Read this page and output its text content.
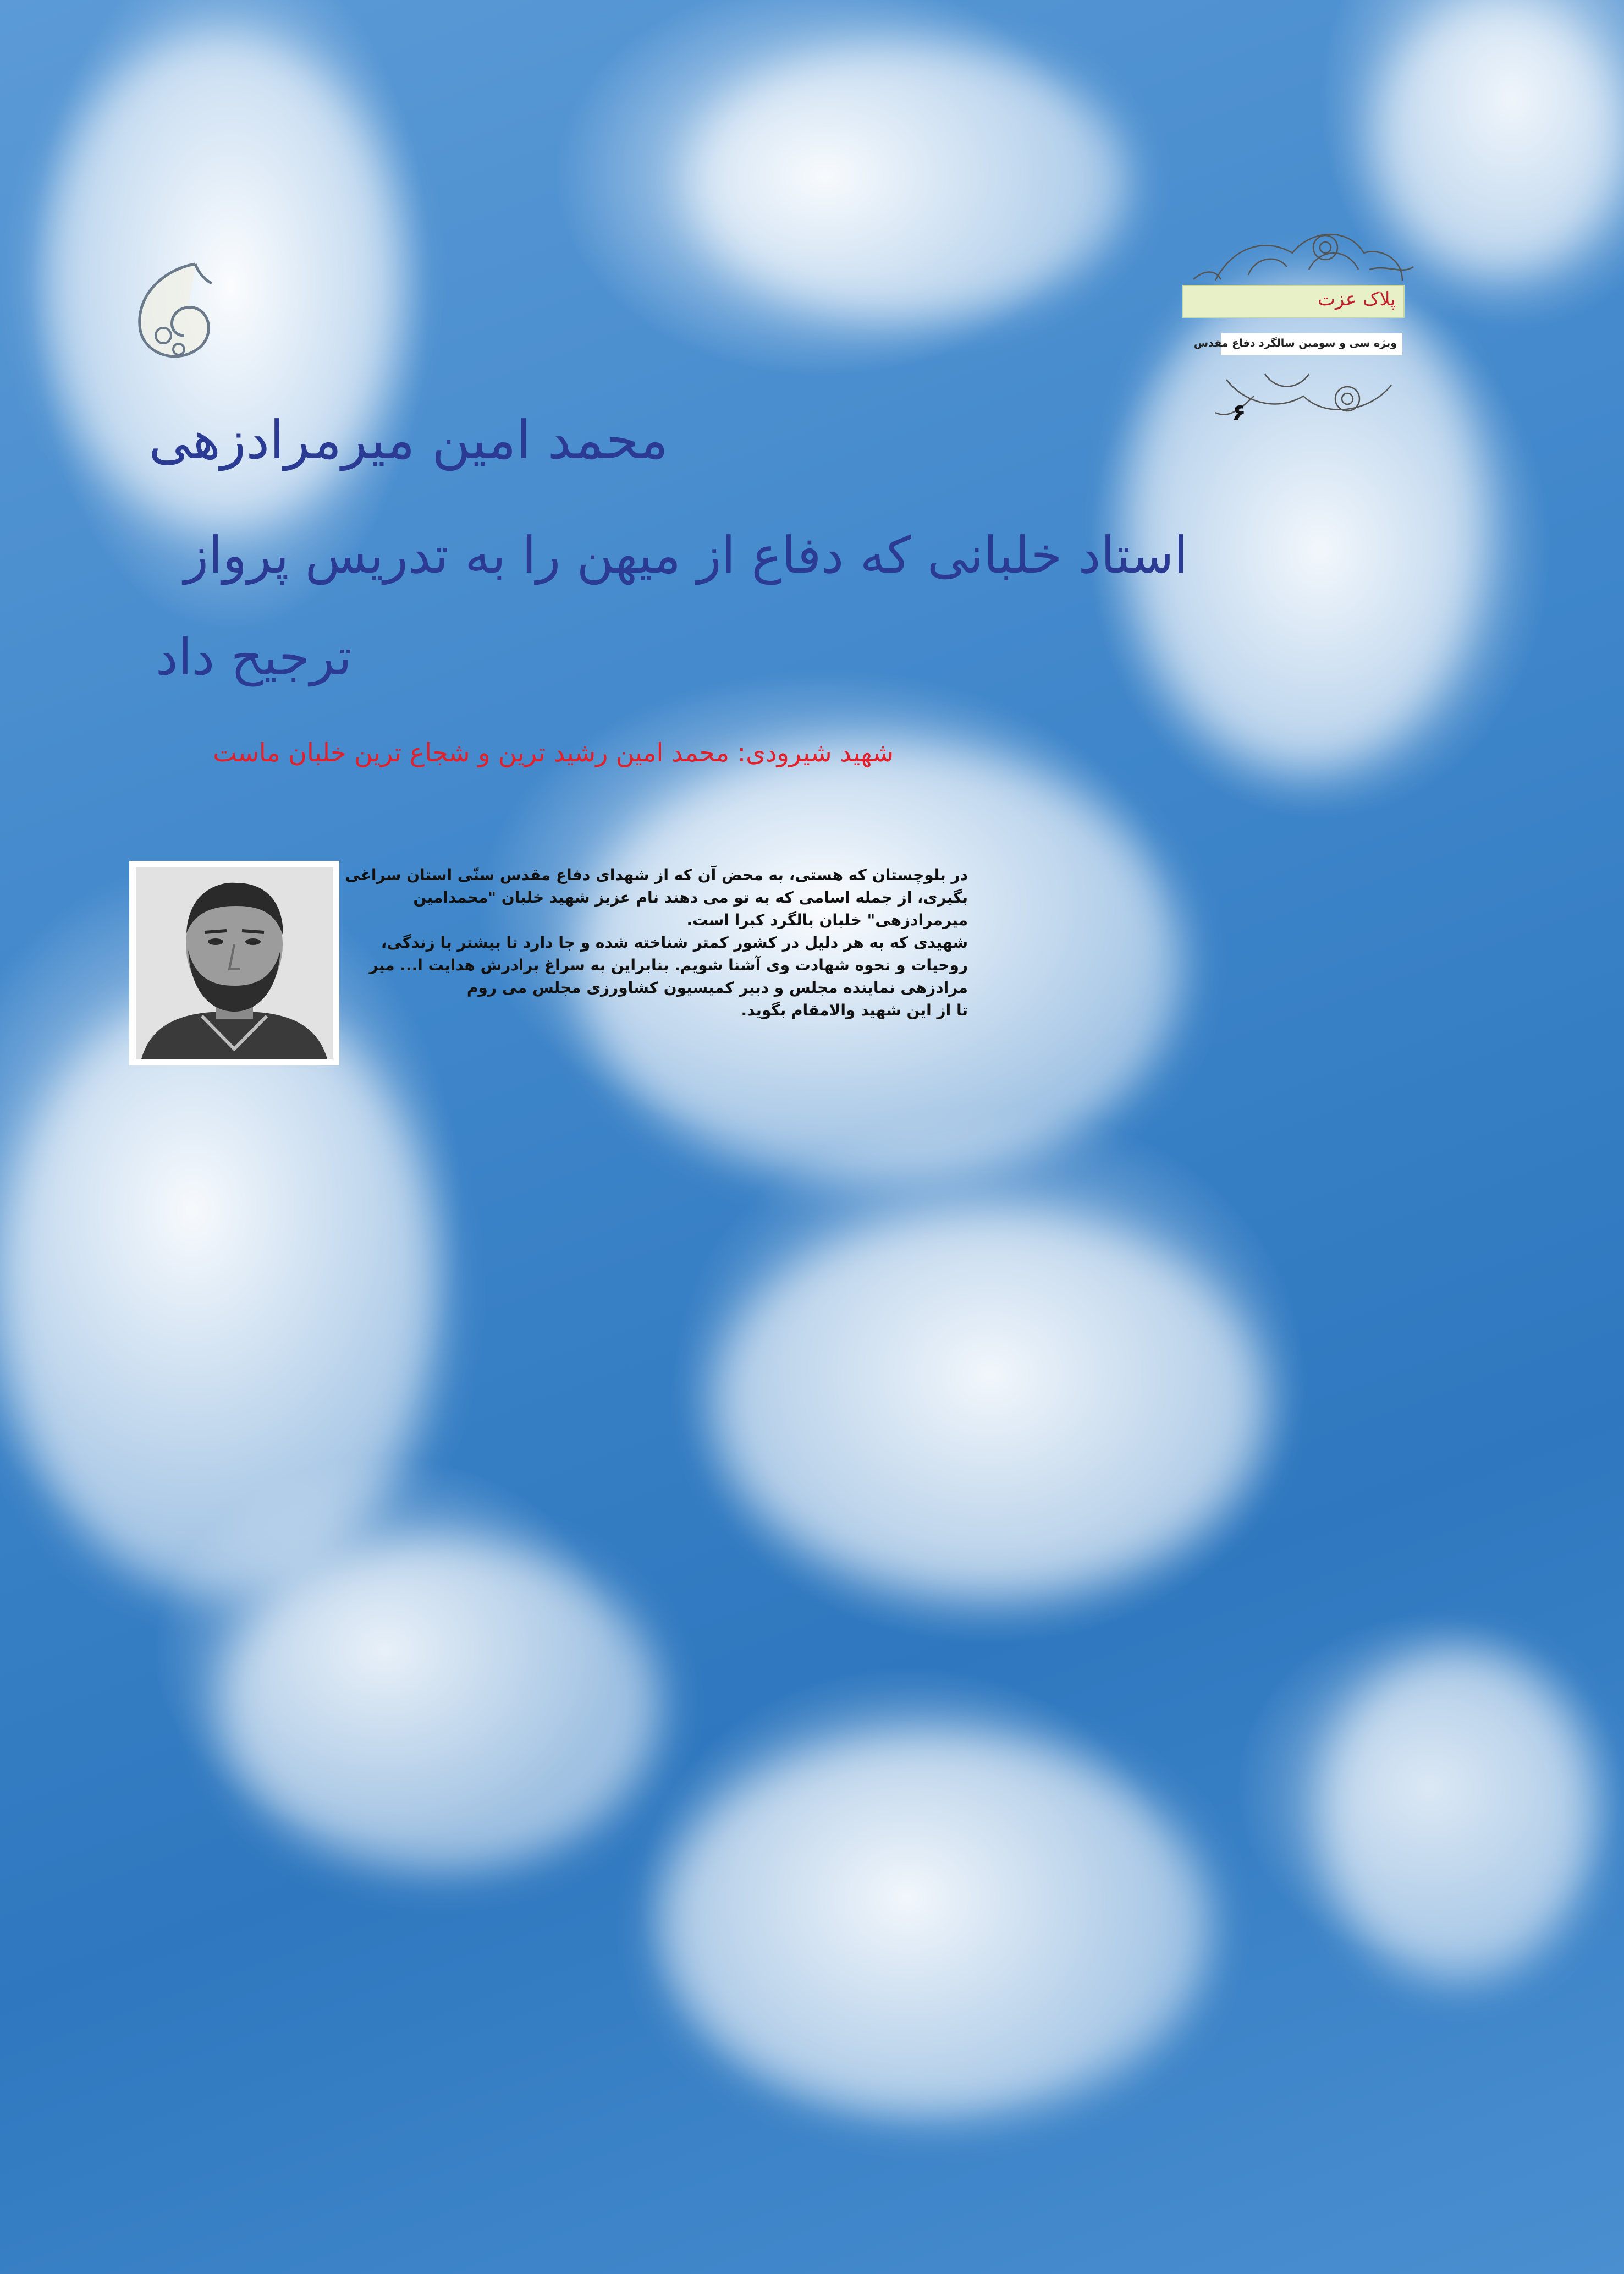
پلاک عزت
ویژه سی و سومین سالگرد دفاع مقدس
۶
محمد امین میرمرادزهی
استاد خلبانی که دفاع از میهن را به تدریس پرواز
ترجیح داد
شهید شیرودی: محمد امین رشید ترین و شجاع ترین خلبان ماست
در بلوچستان که هستی، به محض آن که از شهدای دفاع مقدس سنّی استان سراغی
بگیری، از جمله اسامی که به تو می دهند نام عزیز شهید خلبان "محمدامین
میرمرادزهی" خلبان بالگرد کبرا است.
شهیدی که به هر دلیل در کشور کمتر شناخته شده و جا دارد تا بیشتر با زندگی،
روحیات و نحوه شهادت وی آشنا شویم. بنابراین به سراغ برادرش هدایت ا... میر
مرادزهی نماینده مجلس و دبیر کمیسیون کشاورزی مجلس می روم
تا از این شهید والامقام بگوید.
